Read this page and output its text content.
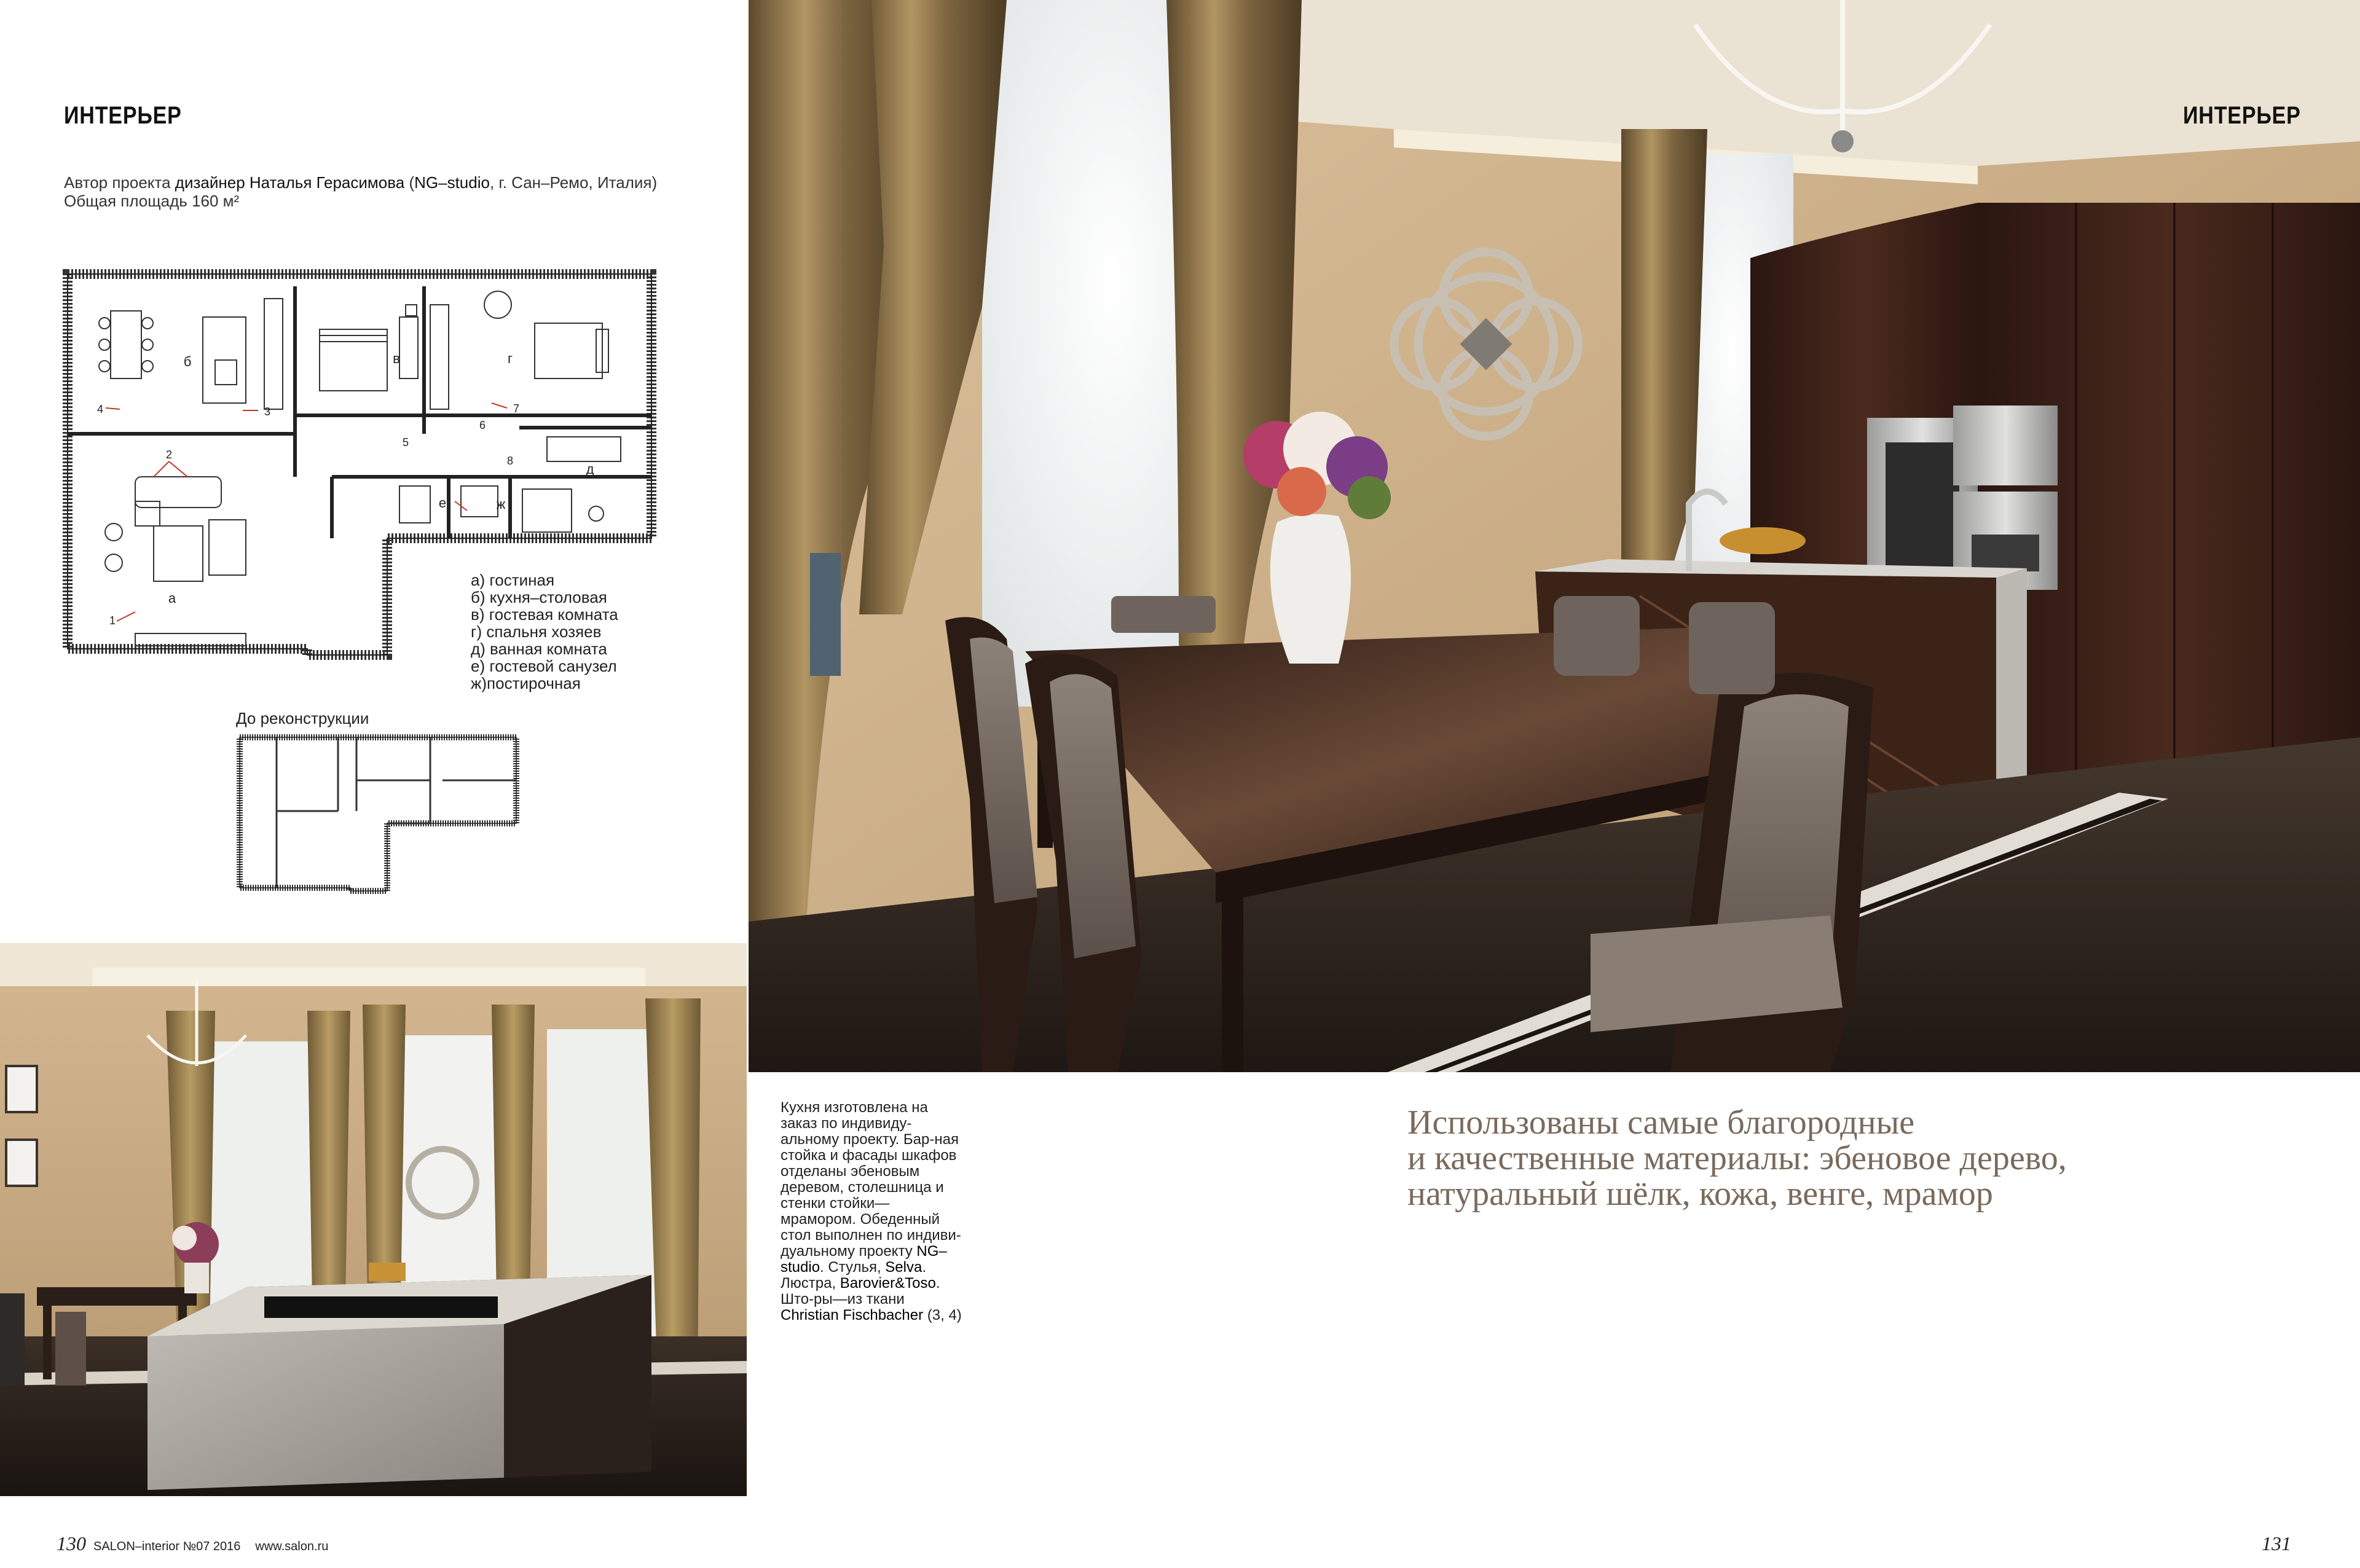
ИНТЕРЬЕР
Автор проекта дизайнер Наталья Герасимова (NG–studio, г. Сан–Ремо, Италия)
Общая площадь 160 м²
а
б	в	г
д
е	ж
1
2
3
4
5
6
7
8
а) гостиная
б) кухня–столовая
в) гостевая комната
г) спальня хозяев
д) ванная комната
е) гостевой санузел
ж)постирочная
До реконструкции
Кухня изготовлена на заказ по индивиду-альному проекту. Бар-ная стойка и фасады шкафов отделаны эбеновым деревом, столешница и стенки стойки—мрамором. Обеденный стол выполнен по индиви-дуальному проекту NG–studio. Стулья, Selva. Люстра, Barovier&Toso. Што-ры—из ткани Christian Fischbacher (3, 4)
130 SALON–interior №07 2016 www.salon.ru
ИНТЕРЬЕР
Использованы самые благородные
и качественные материалы: эбеновое дерево,
натуральный шёлк, кожа, венге, мрамор
131
